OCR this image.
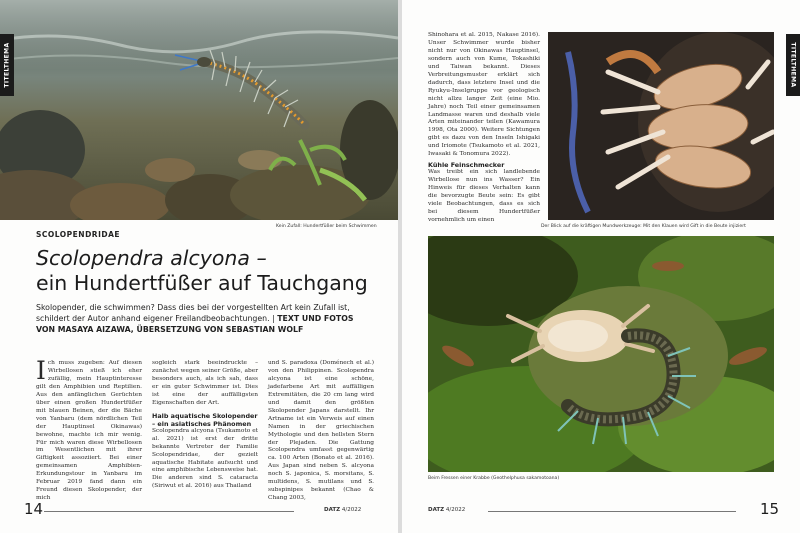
TITELTHEMA
Kein Zufall: Hundertfüßer beim Schwimmen
SCOLOPENDRIDAE
Scolopendra alcyona –
ein Hundertfüßer auf Tauchgang

Skolopender, die schwimmen? Dass dies bei der vorgestellten Art kein Zufall ist, schildert der Autor anhand eigener Freilandbeobachtungen. | TEXT UND FOTOS VON MASAYA AIZAWA, ÜBERSETZUNG VON SEBASTIAN WOLF

Ich muss zugeben: Auf diesen Wirbellosen stieß ich eher zufällig, mein Hauptinteresse gilt den Amphibien und Reptilien. Aus den anfänglichen Gerüchten über einen großen Hundertfüßer mit blauen Beinen, der die Bäche von Yanbaru (dem nördlichen Teil der Hauptinsel Okinawas) bewohne, machte ich mir wenig. Für mich waren diese Wirbellosen im Wesentlichen mit ihrer Giftigkeit assoziiert. Bei einer gemeinsamen Amphibien-Erkundungstour in Yanbaru im Februar 2019 fand dann ein Freund diesen Skolopender, der mich

sogleich stark beeindruckte – zunächst wegen seiner Größe, aber besonders auch, als ich sah, dass er ein guter Schwimmer ist. Dies ist eine der auffälligsten Eigenschaften der Art.

Halb aquatische Skolopender – ein asiatisches Phänomen

Scolopendra alcyona (Tsukamoto et al. 2021) ist erst der dritte bekannte Vertreter der Familie Scolopendridae, der gezielt aquatische Habitate aufsucht und eine amphibische Lebensweise hat. Die anderen sind S. cataracta (Siriwut et al. 2016) aus Thailand

und S. paradoxa (Doménech et al.) von den Philippinen. Scolopendra alcyona ist eine schöne, jadefarbene Art mit auffälligen Extremitäten, die 20 cm lang wird und damit den größten Skolopender Japans darstellt. Ihr Artname ist ein Verweis auf einen Namen in der griechischen Mythologie und den hellsten Stern der Plejaden. Die Gattung Scolopendra umfasst gegenwärtig ca. 100 Arten (Bonato et al. 2016). Aus Japan sind neben S. alcyona noch S. japonica, S. morsitans, S. multidens, S. mutilans und S. subspinipes bekannt (Chao & Chang 2003,

14	DATZ 4/2022

Shinohara et al. 2015, Nakase 2016). Unser Schwimmer wurde bisher nicht nur von Okinawas Hauptinsel, sondern auch von Kume, Tokashiki und Taiwan bekannt. Dieses Verbreitungsmuster erklärt sich dadurch, dass letztere Insel und die Ryukyu-Inselgruppe vor geologisch nicht allzu langer Zeit (eine Mio. Jahre) noch Teil einer gemeinsamen Landmasse waren und deshalb viele Arten miteinander teilen (Kawamura 1998, Ota 2000). Weitere Sichtungen gibt es dazu von den Inseln Ishigaki und Iriomote (Tsukamoto et al. 2021, Iwasaki & Tonomura 2022).

Kühle Feinschmecker

Was treibt ein sich landlebende Wirbellose nun ins Wasser? Ein Hinweis für dieses Verhalten kann die bevorzugte Beute sein: Es gibt viele Beobachtungen, dass es sich bei diesem Hundertfüßer vornehmlich um einen

Der Blick auf die kräftigen Mundwerkzeuge: Mit den Klauen wird Gift in die Beute injiziert
Beim Fressen einer Krabbe (Geothelphusa sakamotoana)
TITELTHEMA
DATZ 4/2022	15
